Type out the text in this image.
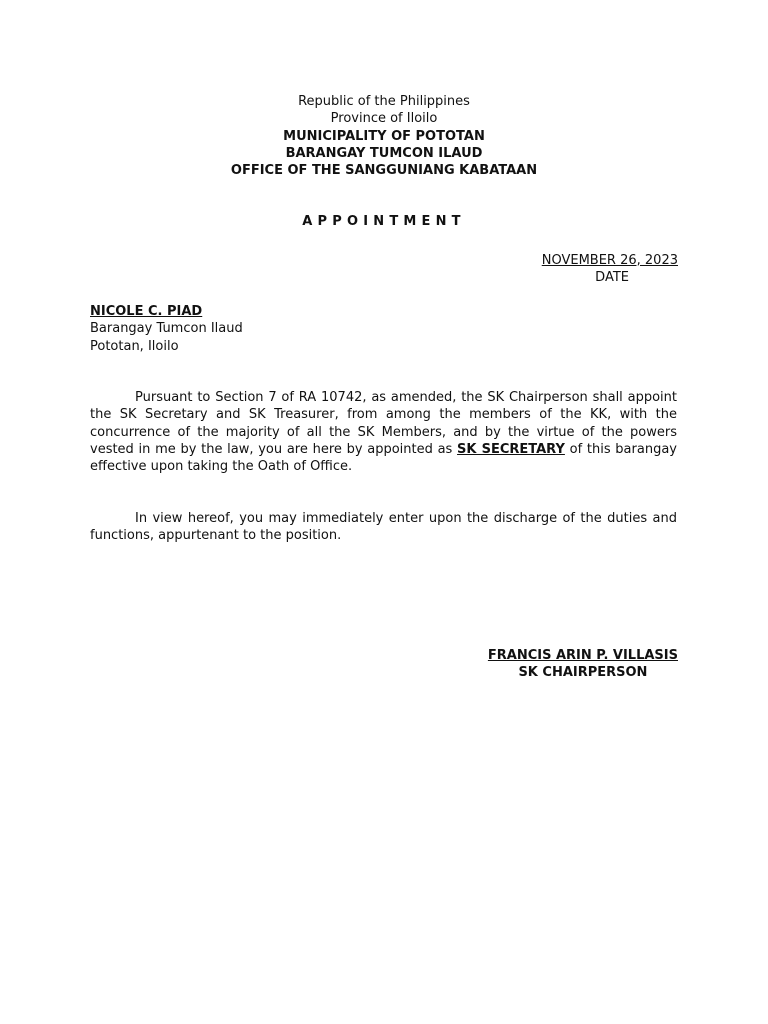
Republic of the Philippines
Province of Iloilo
MUNICIPALITY OF POTOTAN
BARANGAY TUMCON ILAUD
OFFICE OF THE SANGGUNIANG KABATAAN
APPOINTMENT
NOVEMBER 26, 2023
DATE
NICOLE C. PIAD
Barangay Tumcon Ilaud
Pototan, Iloilo

Pursuant to Section 7 of RA 10742, as amended, the SK Chairperson shall appoint the SK Secretary and SK Treasurer, from among the members of the KK, with the concurrence of the majority of all the SK Members, and by the virtue of the powers vested in me by the law, you are here by appointed as SK SECRETARY of this barangay effective upon taking the Oath of Office.

In view hereof, you may immediately enter upon the discharge of the duties and functions, appurtenant to the position.

FRANCIS ARIN P. VILLASIS
SK CHAIRPERSON
